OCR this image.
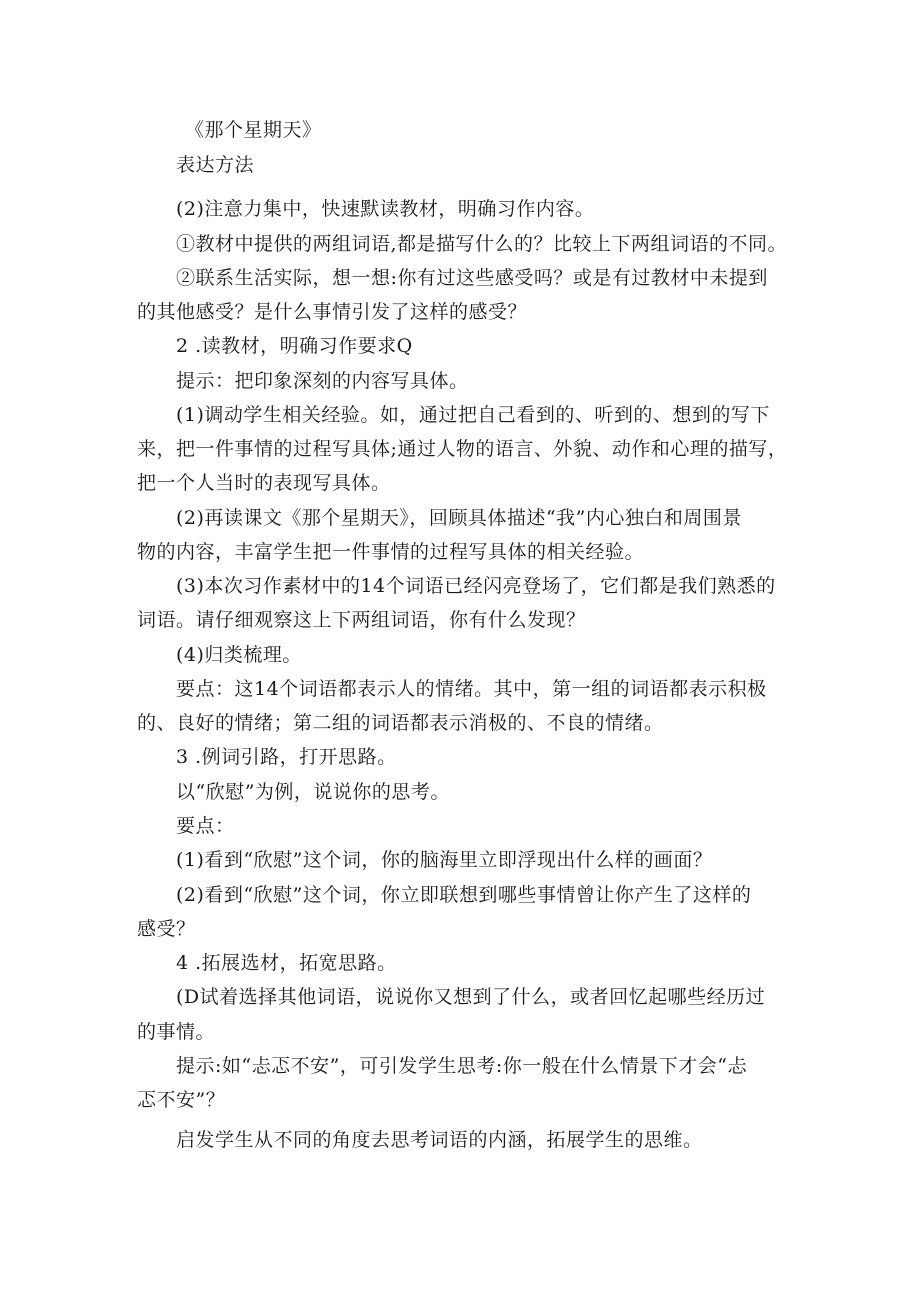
《那个星期天》
表达方法
(2)注意力集中，快速默读教材，明确习作内容。
①教材中提供的两组词语,都是描写什么的？比较上下两组词语的不同。
②联系生活实际，想一想:你有过这些感受吗？或是有过教材中未提到
的其他感受？是什么事情引发了这样的感受？
2 .读教材，明确习作要求Q
提示：把印象深刻的内容写具体。
(1)调动学生相关经验。如，通过把自己看到的、听到的、想到的写下
来，把一件事情的过程写具体;通过人物的语言、外貌、动作和心理的描写，
把一个人当时的表现写具体。
(2)再读课文《那个星期天》，回顾具体描述“我”内心独白和周围景
物的内容，丰富学生把一件事情的过程写具体的相关经验。
(3)本次习作素材中的14个词语已经闪亮登场了，它们都是我们熟悉的
词语。请仔细观察这上下两组词语，你有什么发现？
(4)归类梳理。
要点：这14个词语都表示人的情绪。其中，第一组的词语都表示积极
的、良好的情绪；第二组的词语都表示消极的、不良的情绪。
3 .例词引路，打开思路。
以“欣慰”为例，说说你的思考。
要点：
(1)看到“欣慰”这个词，你的脑海里立即浮现出什么样的画面？
(2)看到“欣慰”这个词，你立即联想到哪些事情曾让你产生了这样的
感受？
4 .拓展选材，拓宽思路。
(D试着选择其他词语，说说你又想到了什么，或者回忆起哪些经历过
的事情。
提示:如“忐忑不安”，可引发学生思考:你一般在什么情景下才会“忐
忑不安”？
启发学生从不同的角度去思考词语的内涵，拓展学生的思维。
